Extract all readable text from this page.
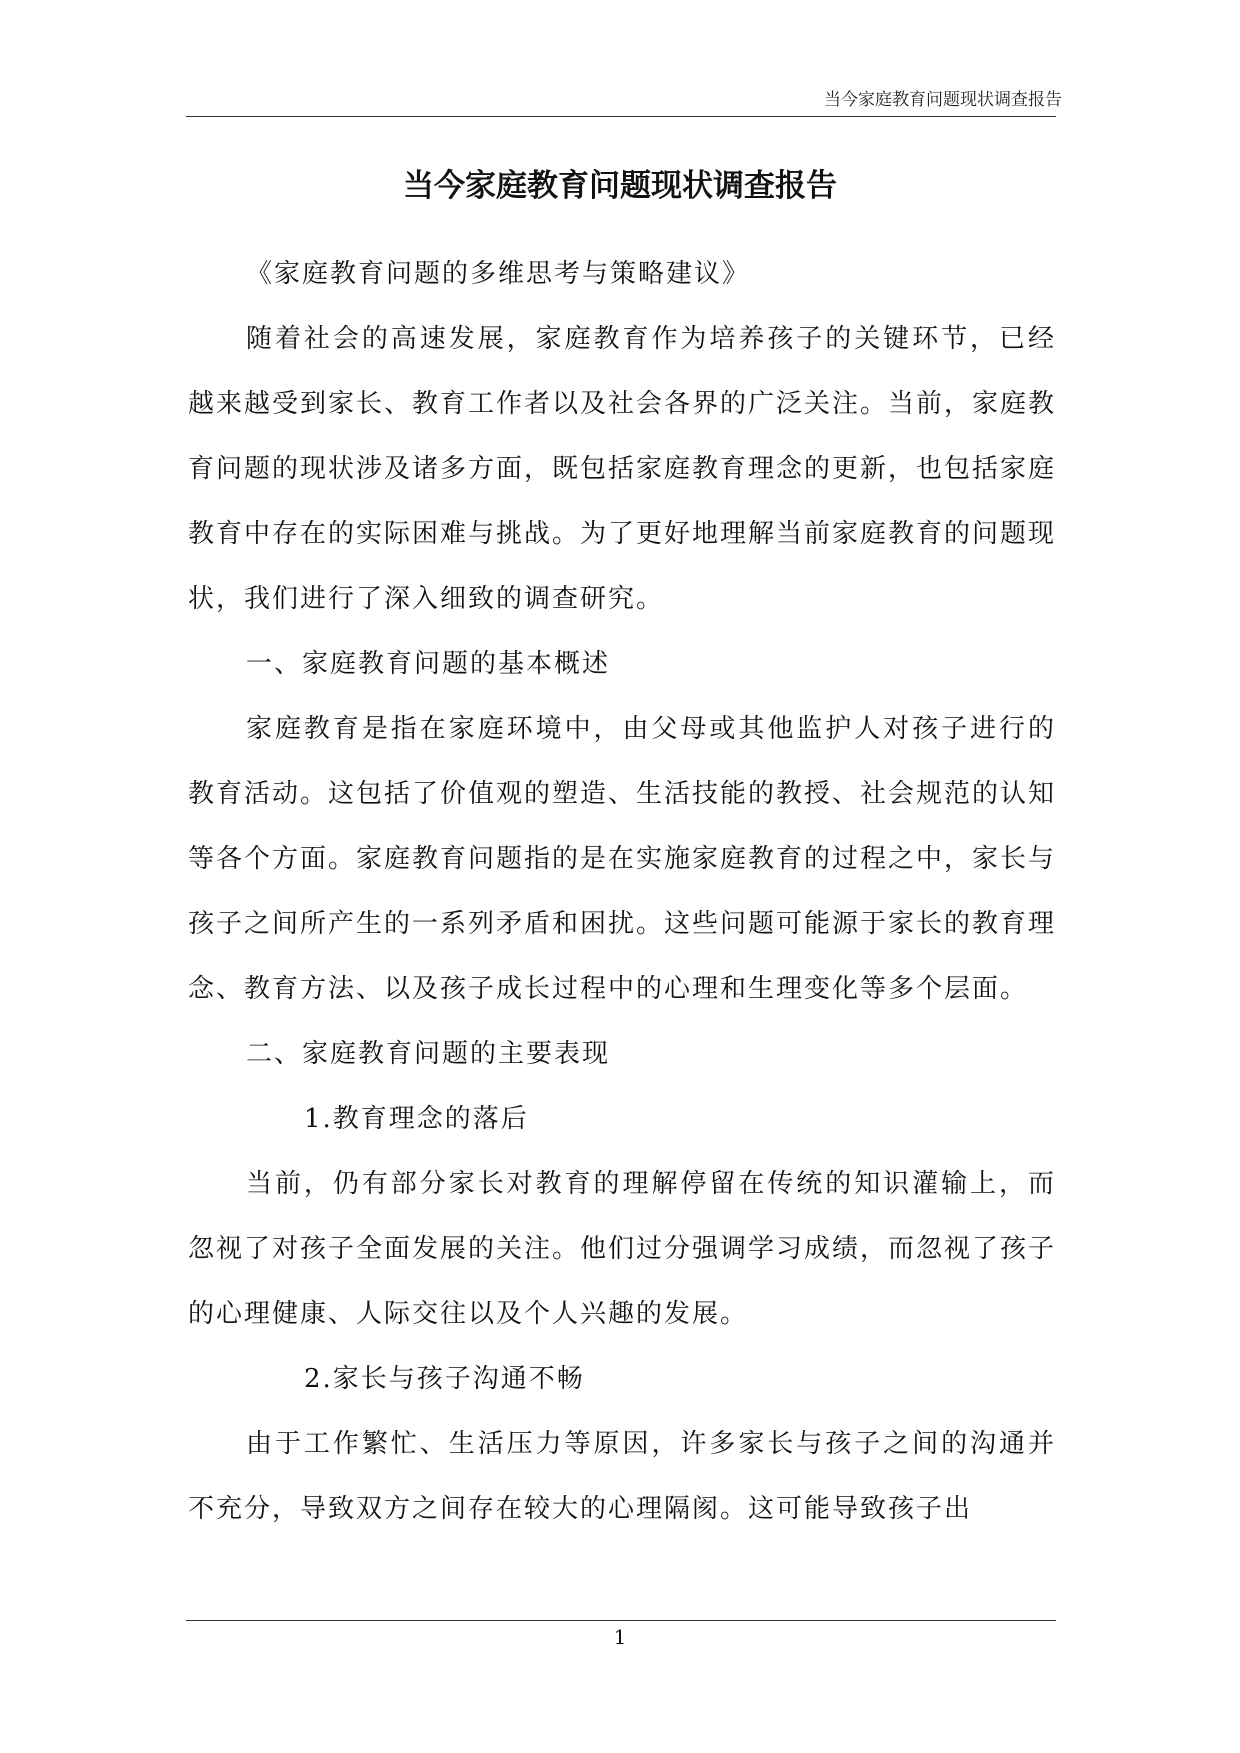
当今家庭教育问题现状调查报告
当今家庭教育问题现状调查报告

《家庭教育问题的多维思考与策略建议》

随着社会的高速发展，家庭教育作为培养孩子的关键环节，已经越来越受到家长、教育工作者以及社会各界的广泛关注。当前，家庭教育问题的现状涉及诸多方面，既包括家庭教育理念的更新，也包括家庭教育中存在的实际困难与挑战。为了更好地理解当前家庭教育的问题现状，我们进行了深入细致的调查研究。

一、家庭教育问题的基本概述

家庭教育是指在家庭环境中，由父母或其他监护人对孩子进行的教育活动。这包括了价值观的塑造、生活技能的教授、社会规范的认知等各个方面。家庭教育问题指的是在实施家庭教育的过程之中，家长与孩子之间所产生的一系列矛盾和困扰。这些问题可能源于家长的教育理念、教育方法、以及孩子成长过程中的心理和生理变化等多个层面。

二、家庭教育问题的主要表现

1.教育理念的落后

当前，仍有部分家长对教育的理解停留在传统的知识灌输上，而忽视了对孩子全面发展的关注。他们过分强调学习成绩，而忽视了孩子的心理健康、人际交往以及个人兴趣的发展。

2.家长与孩子沟通不畅

由于工作繁忙、生活压力等原因，许多家长与孩子之间的沟通并不充分，导致双方之间存在较大的心理隔阂。这可能导致孩子出

1
